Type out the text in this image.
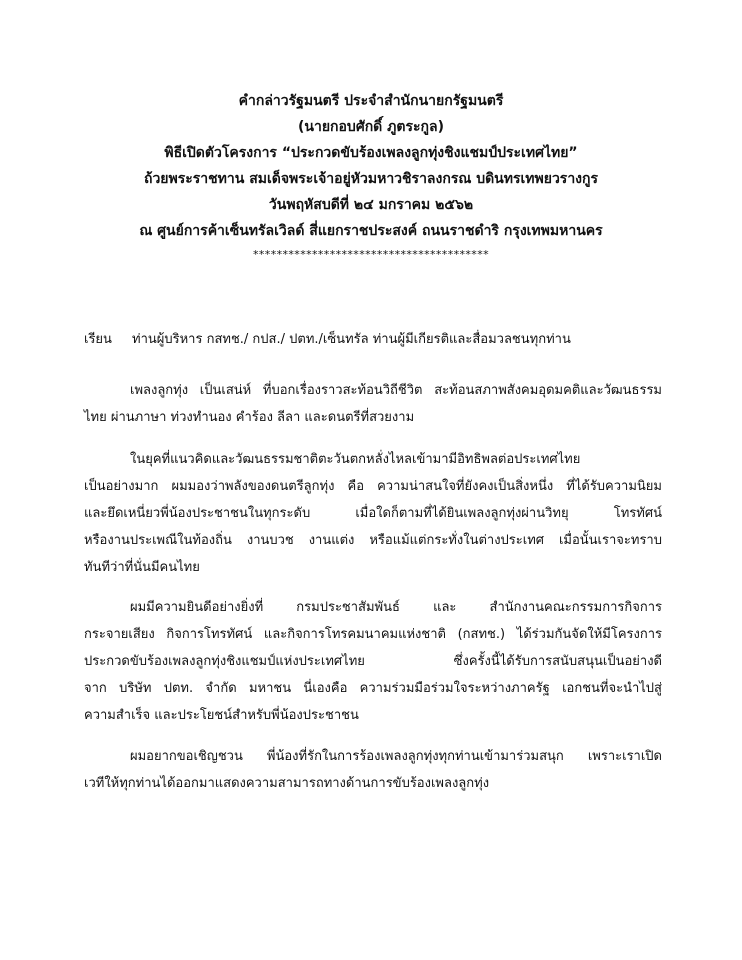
คำกล่าวรัฐมนตรี ประจำสำนักนายกรัฐมนตรี
(นายกอบศักดิ์ ภูตระกูล)
พิธีเปิดตัวโครงการ “ประกวดขับร้องเพลงลูกทุ่งชิงแชมป์ประเทศไทย”
ถ้วยพระราชทาน สมเด็จพระเจ้าอยู่หัวมหาวชิราลงกรณ บดินทรเทพยวรางกูร
วันพฤหัสบดีที่ ๒๔ มกราคม ๒๕๖๒
ณ ศูนย์การค้าเซ็นทรัลเวิลด์ สี่แยกราชประสงค์ ถนนราชดำริ กรุงเทพมหานคร
****************************************
เรียน ท่านผู้บริหาร กสทช./ กปส./ ปตท./เซ็นทรัล ท่านผู้มีเกียรติและสื่อมวลชนทุกท่าน
เพลงลูกทุ่ง เป็นเสน่ห์ ที่บอกเรื่องราวสะท้อนวิถีชีวิต สะท้อนสภาพสังคมอุดมคติและวัฒนธรรม
ไทย ผ่านภาษา ท่วงทำนอง คำร้อง ลีลา และดนตรีที่สวยงาม
ในยุคที่แนวคิดและวัฒนธรรมชาติตะวันตกหลั่งไหลเข้ามามีอิทธิพลต่อประเทศไทย
เป็นอย่างมาก ผมมองว่าพลังของดนตรีลูกทุ่ง คือ ความน่าสนใจที่ยังคงเป็นสิ่งหนึ่ง ที่ได้รับความนิยม
และยึดเหนี่ยวพี่น้องประชาชนในทุกระดับ เมื่อใดก็ตามที่ได้ยินเพลงลูกทุ่งผ่านวิทยุ โทรทัศน์
หรืองานประเพณีในท้องถิ่น งานบวช งานแต่ง หรือแม้แต่กระทั่งในต่างประเทศ เมื่อนั้นเราจะทราบ
ทันทีว่าที่นั่นมีคนไทย
ผมมีความยินดีอย่างยิ่งที่ กรมประชาสัมพันธ์ และ สำนักงานคณะกรรมการกิจการ
กระจายเสียง กิจการโทรทัศน์ และกิจการโทรคมนาคมแห่งชาติ (กสทช.) ได้ร่วมกันจัดให้มีโครงการ
ประกวดขับร้องเพลงลูกทุ่งชิงแชมป์แห่งประเทศไทย ซึ่งครั้งนี้ได้รับการสนับสนุนเป็นอย่างดี
จาก บริษัท ปตท. จำกัด มหาชน นี่เองคือ ความร่วมมือร่วมใจระหว่างภาครัฐ เอกชนที่จะนำไปสู่
ความสำเร็จ และประโยชน์สำหรับพี่น้องประชาชน
ผมอยากขอเชิญชวน พี่น้องที่รักในการร้องเพลงลูกทุ่งทุกท่านเข้ามาร่วมสนุก เพราะเราเปิด
เวทีให้ทุกท่านได้ออกมาแสดงความสามารถทางด้านการขับร้องเพลงลูกทุ่ง
